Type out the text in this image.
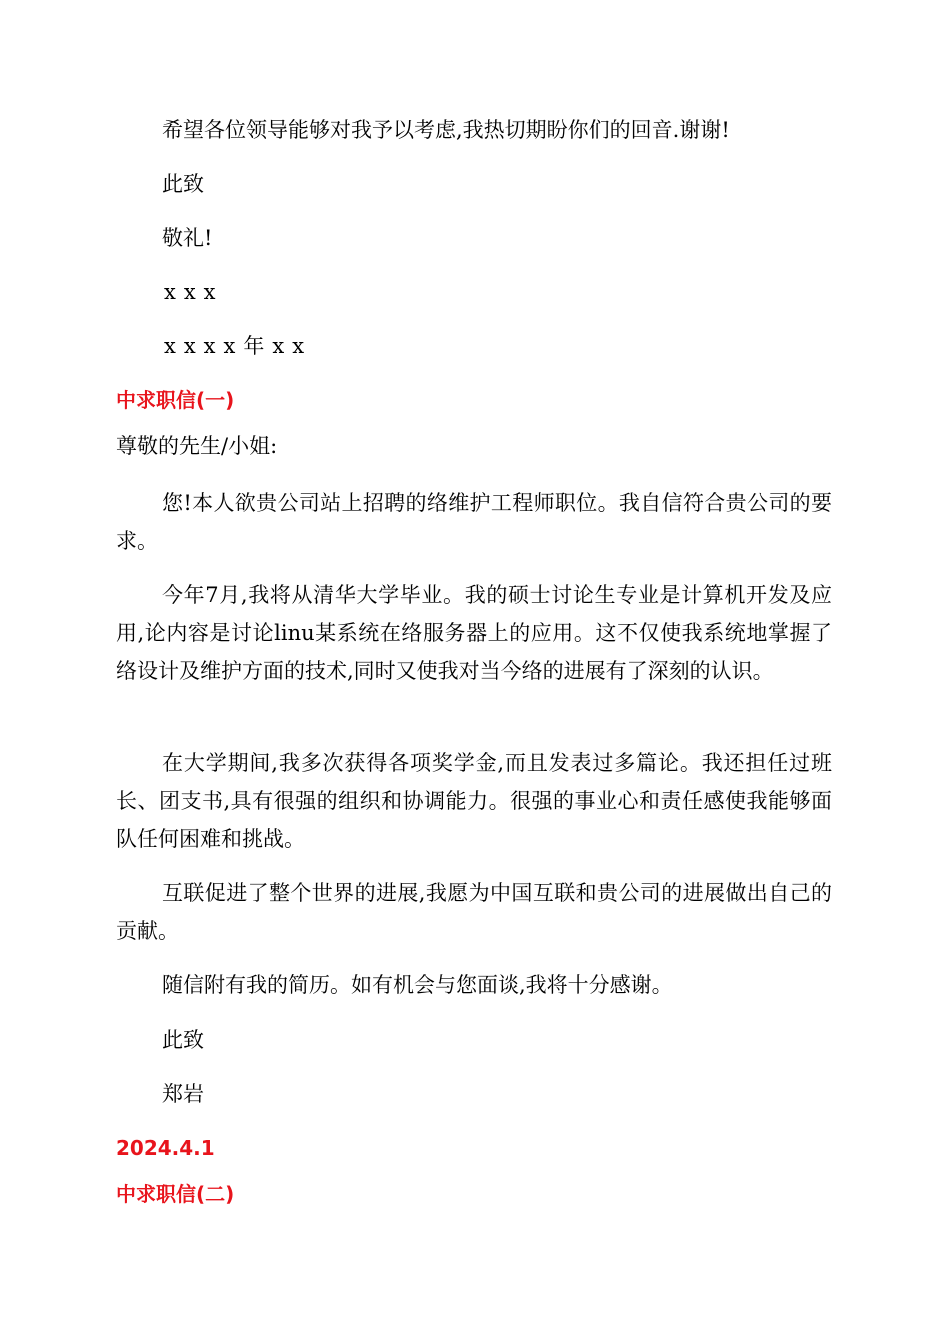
希望各位领导能够对我予以考虑,我热切期盼你们的回音.谢谢!

此致

敬礼!

xxx

xxxx年xx

中求职信(一)

尊敬的先生/小姐:

您!本人欲贵公司站上招聘的络维护工程师职位。我自信符合贵公司的要求。

今年7月,我将从清华大学毕业。我的硕士讨论生专业是计算机开发及应用,论内容是讨论linu某系统在络服务器上的应用。这不仅使我系统地掌握了络设计及维护方面的技术,同时又使我对当今络的进展有了深刻的认识。

在大学期间,我多次获得各项奖学金,而且发表过多篇论。我还担任过班长、团支书,具有很强的组织和协调能力。很强的事业心和责任感使我能够面队任何困难和挑战。

互联促进了整个世界的进展,我愿为中国互联和贵公司的进展做出自己的贡献。

随信附有我的简历。如有机会与您面谈,我将十分感谢。

此致

郑岩

2024.4.1

中求职信(二)
